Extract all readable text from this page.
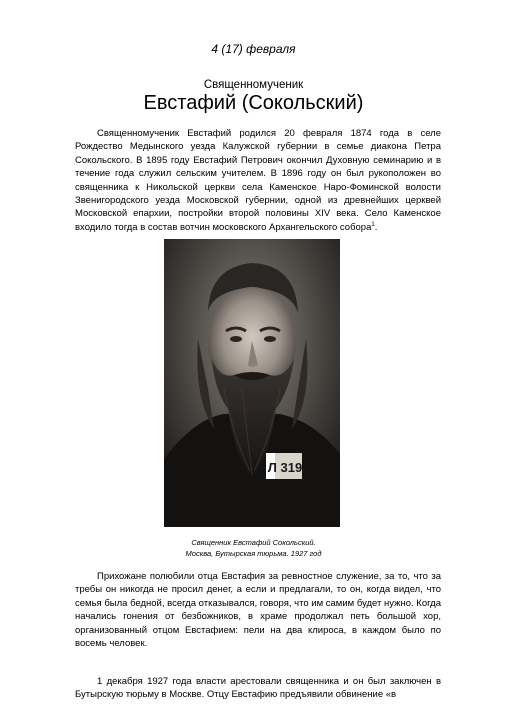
4 (17) февраля
Священномученик
Евстафий (Сокольский)

Священномученик Евстафий родился 20 февраля 1874 года в селе Рождество Медынского уезда Калужской губернии в семье диакона Петра Сокольского. В 1895 году Евстафий Петрович окончил Духовную семинарию и в течение года служил сельским учителем. В 1896 году он был рукоположен во священника к Никольской церкви села Каменское Наро-Фоминской волости Звенигородского уезда Московской губернии, одной из древнейших церквей Московской епархии, постройки второй половины XIV века. Село Каменское входило тогда в состав вотчин московского Архангельского собора$^1$.

Л 319
Священник Евстафий Сокольский.
Москва, Бутырская тюрьма. 1927 год

Прихожане полюбили отца Евстафия за ревностное служение, за то, что за требы он никогда не просил денег, а если и предлагали, то он, когда видел, что семья была бедной, всегда отказывался, говоря, что им самим будет нужно. Когда начались гонения от безбожников, в храме продолжал петь большой хор, организованный отцом Евстафием: пели на два клироса, в каждом было по восемь человек.

1 декабря 1927 года власти арестовали священника и он был заключен в Бутырскую тюрьму в Москве. Отцу Евстафию предъявили обвинение «в
